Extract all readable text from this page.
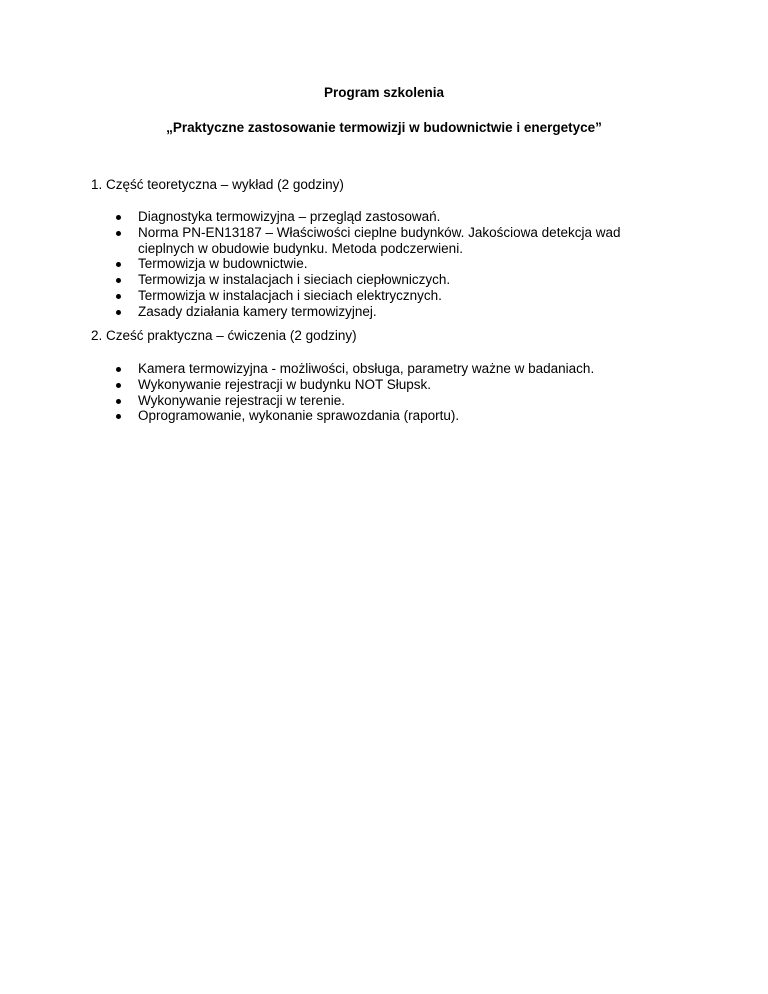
Program szkolenia
„Praktyczne zastosowanie termowizji w budownictwie i energetyce”
1. Część teoretyczna – wykład (2 godziny)
Diagnostyka termowizyjna – przegląd zastosowań.
Norma PN-EN13187 – Właściwości cieplne budynków. Jakościowa detekcja wad cieplnych w obudowie budynku. Metoda podczerwieni.
Termowizja w budownictwie.
Termowizja w instalacjach i sieciach ciepłowniczych.
Termowizja w instalacjach i sieciach elektrycznych.
Zasady działania kamery termowizyjnej.
2. Cześć praktyczna – ćwiczenia (2 godziny)
Kamera termowizyjna - możliwości, obsługa, parametry ważne w badaniach.
Wykonywanie rejestracji w budynku NOT Słupsk.
Wykonywanie rejestracji w terenie.
Oprogramowanie, wykonanie sprawozdania (raportu).
